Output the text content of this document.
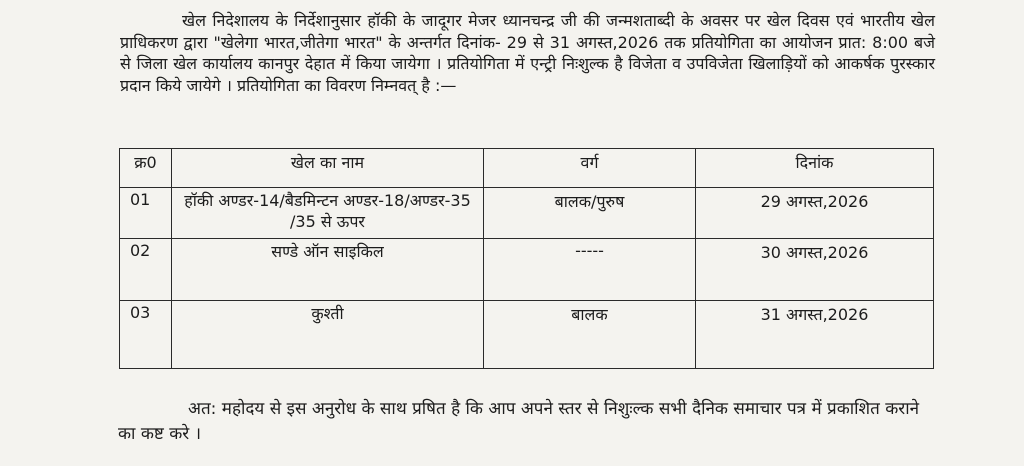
खेल निदेशालय के निर्देशानुसार हॉकी के जादूगर मेजर ध्यानचन्द्र जी की जन्मशताब्दी के अवसर पर खेल दिवस एवं भारतीय खेल प्राधिकरण द्वारा "खेलेगा भारत,जीतेगा भारत" के अन्तर्गत दिनांक- 29 से 31 अगस्त,2026 तक प्रतियोगिता का आयोजन प्रात: 8:00 बजे से जिला खेल कार्यालय कानपुर देहात में किया जायेगा । प्रतियोगिता में एन्ट्री निःशुल्क है विजेता व उपविजेता खिलाड़ियों को आकर्षक पुरस्कार प्रदान किये जायेगे । प्रतियोगिता का विवरण निम्नवत् है :—

क्र0	खेल का नाम	वर्ग	दिनांक
01	हॉकी अण्डर-14/बैडमिन्टन अण्डर-18/अण्डर-35 /35 से ऊपर	बालक/पुरुष	29 अगस्त,2026
02	सण्डे ऑन साइकिल	-----	30 अगस्त,2026
03	कुश्ती	बालक	31 अगस्त,2026

अत: महोदय से इस अनुरोध के साथ प्रषित है कि आप अपने स्तर से निशुःल्क सभी दैनिक समाचार पत्र में प्रकाशित कराने का कष्ट करे ।
